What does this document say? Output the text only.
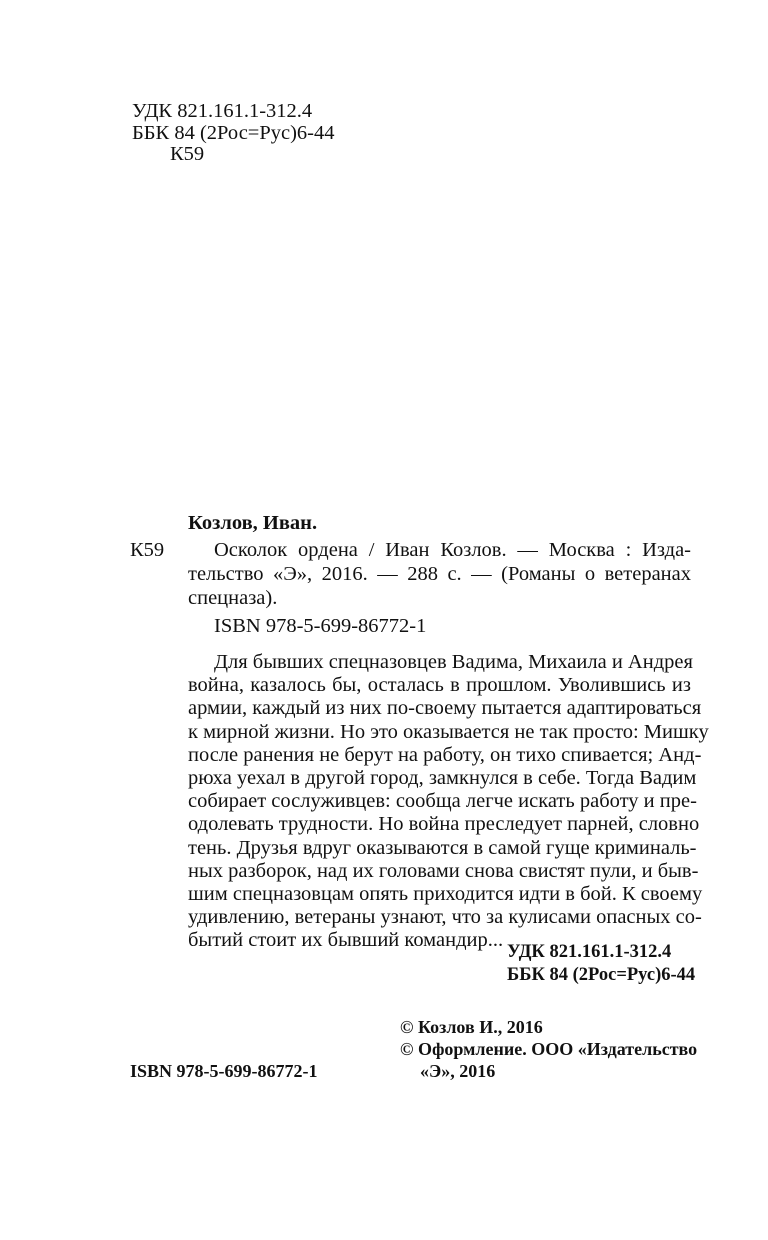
УДК 821.161.1-312.4
ББК 84 (2Рос=Рус)6-44
К59
Козлов, Иван.
К59 Осколок ордена / Иван Козлов. — Москва : Изда-
тельство «Э», 2016. — 288 с. — (Романы о ветеранах
спецназа).
ISBN 978-5-699-86772-1
Для бывших спецназовцев Вадима, Михаила и Андрея
война, казалось бы, осталась в прошлом. Уволившись из
армии, каждый из них по-своему пытается адаптироваться
к мирной жизни. Но это оказывается не так просто: Мишку
после ранения не берут на работу, он тихо спивается; Анд-
рюха уехал в другой город, замкнулся в себе. Тогда Вадим
собирает сослуживцев: сообща легче искать работу и пре-
одолевать трудности. Но война преследует парней, словно
тень. Друзья вдруг оказываются в самой гуще криминаль-
ных разборок, над их головами снова свистят пули, и быв-
шим спецназовцам опять приходится идти в бой. К своему
удивлению, ветераны узнают, что за кулисами опасных со-
бытий стоит их бывший командир...
УДК 821.161.1-312.4
ББК 84 (2Рос=Рус)6-44
© Козлов И., 2016
© Оформление. ООО «Издательство
«Э», 2016
ISBN 978-5-699-86772-1
